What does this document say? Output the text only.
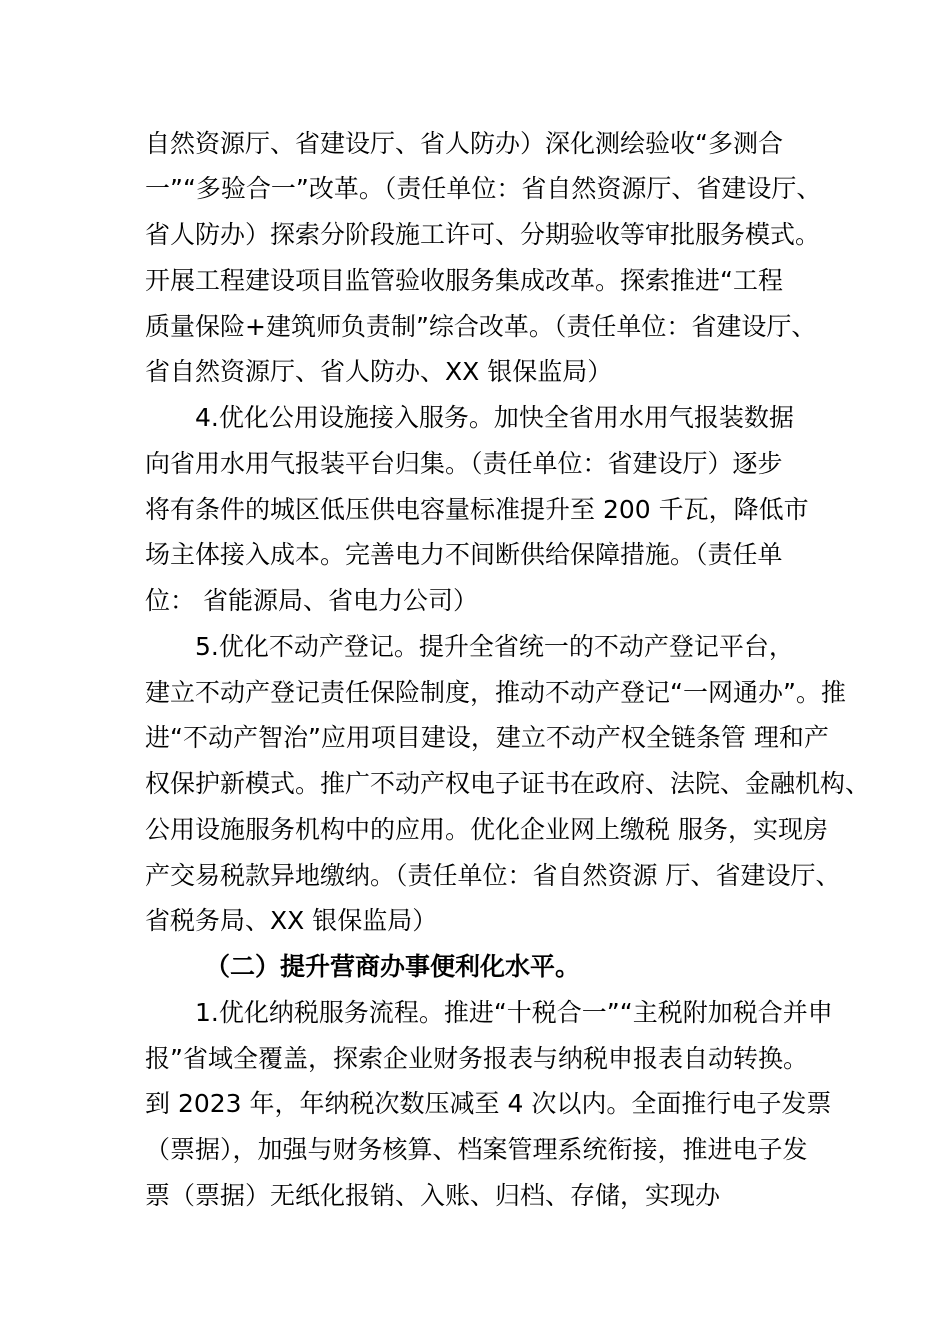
自然资源厅、省建设厅、省人防办）深化测绘验收“多测合
一”“多验合一”改革。（责任单位：省自然资源厅、省建设厅、
省人防办）探索分阶段施工许可、分期验收等审批服务模式。
开展工程建设项目监管验收服务集成改革。探索推进“工程
质量保险+建筑师负责制”综合改革。（责任单位：省建设厅、
省自然资源厅、省人防办、XX 银保监局）
4.优化公用设施接入服务。加快全省用水用气报装数据
向省用水用气报装平台归集。（责任单位：省建设厅）逐步
将有条件的城区低压供电容量标准提升至 200 千瓦，降低市
场主体接入成本。完善电力不间断供给保障措施。（责任单
位： 省能源局、省电力公司）
5.优化不动产登记。提升全省统一的不动产登记平台，
建立不动产登记责任保险制度，推动不动产登记“一网通办”。推
进“不动产智治”应用项目建设，建立不动产权全链条管 理和产
权保护新模式。推广不动产权电子证书在政府、法院、金融机构、
公用设施服务机构中的应用。优化企业网上缴税 服务，实现房
产交易税款异地缴纳。（责任单位：省自然资源 厅、省建设厅、
省税务局、XX 银保监局）
（二）提升营商办事便利化水平。
1.优化纳税服务流程。推进“十税合一”“主税附加税合并申
报”省域全覆盖，探索企业财务报表与纳税申报表自动转换。
到 2023 年，年纳税次数压减至 4 次以内。全面推行电子发票
（票据），加强与财务核算、档案管理系统衔接，推进电子发
票（票据）无纸化报销、入账、归档、存储，实现办
